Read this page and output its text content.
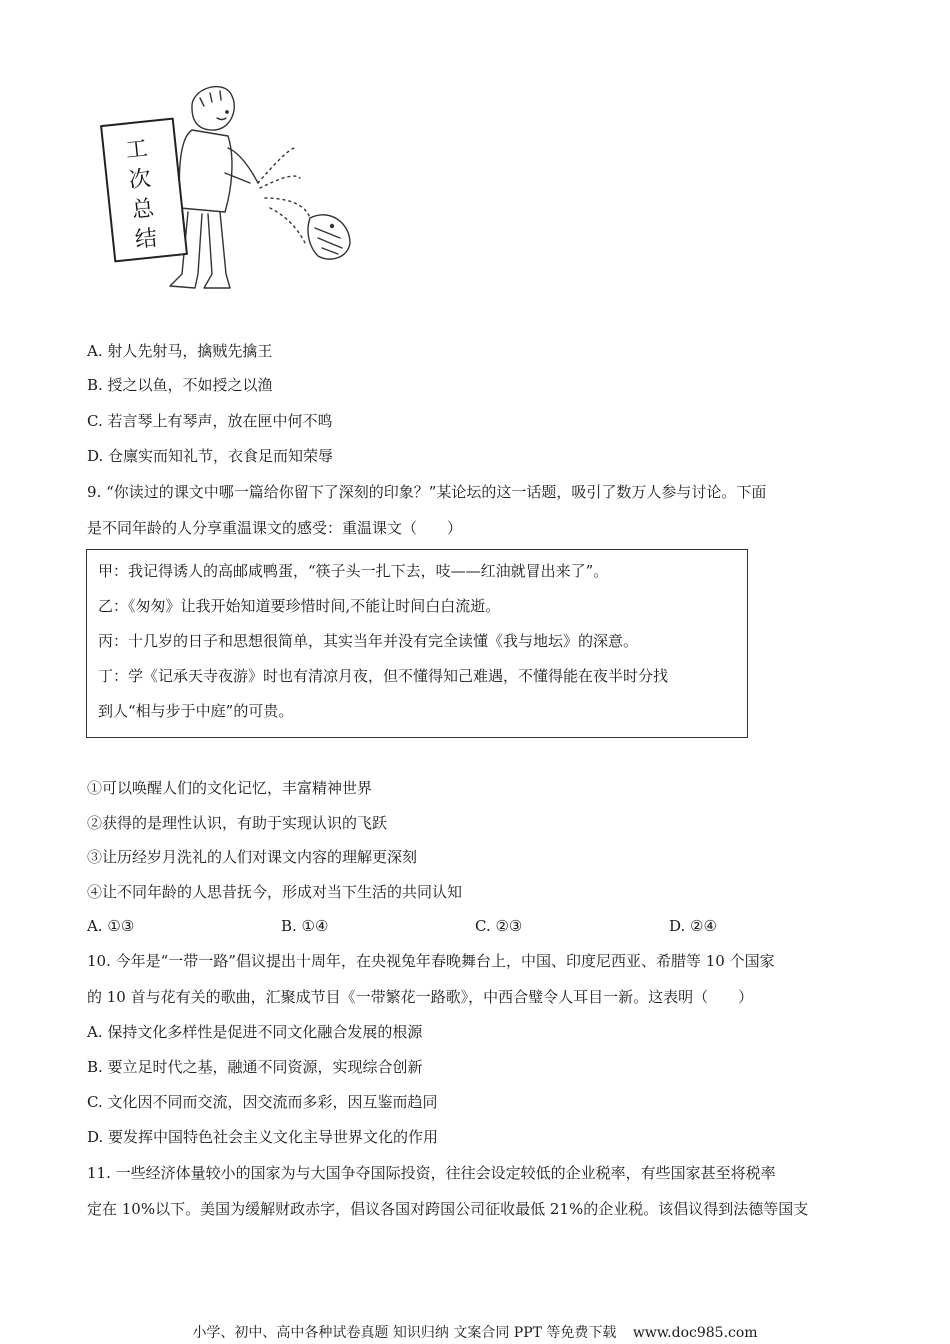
工
次
总
结
A. 射人先射马，擒贼先擒王
B. 授之以鱼，不如授之以渔
C. 若言琴上有琴声，放在匣中何不鸣
D. 仓廪实而知礼节，衣食足而知荣辱
9. “你读过的课文中哪一篇给你留下了深刻的印象？”某论坛的这一话题，吸引了数万人参与讨论。下面
是不同年龄的人分享重温课文的感受：重温课文（　　）
甲：我记得诱人的高邮咸鸭蛋，“筷子头一扎下去，吱——红油就冒出来了”。
乙：《匆匆》让我开始知道要珍惜时间,不能让时间白白流逝。
丙：十几岁的日子和思想很简单，其实当年并没有完全读懂《我与地坛》的深意。
丁：学《记承天寺夜游》时也有清凉月夜，但不懂得知己难遇，不懂得能在夜半时分找
到人“相与步于中庭”的可贵。
①可以唤醒人们的文化记忆，丰富精神世界
②获得的是理性认识，有助于实现认识的飞跃
③让历经岁月洗礼的人们对课文内容的理解更深刻
④让不同年龄的人思昔抚今，形成对当下生活的共同认知
A. ①③	B. ①④	C. ②③	D. ②④
10. 今年是“一带一路”倡议提出十周年，在央视兔年春晚舞台上，中国、印度尼西亚、希腊等 10 个国家
的 10 首与花有关的歌曲，汇聚成节目《一带繁花一路歌》，中西合璧令人耳目一新。这表明（　　）
A. 保持文化多样性是促进不同文化融合发展的根源
B. 要立足时代之基，融通不同资源，实现综合创新
C. 文化因不同而交流，因交流而多彩，因互鉴而趋同
D. 要发挥中国特色社会主义文化主导世界文化的作用
11. 一些经济体量较小的国家为与大国争夺国际投资，往往会设定较低的企业税率，有些国家甚至将税率
定在 10%以下。美国为缓解财政赤字，倡议各国对跨国公司征收最低 21%的企业税。该倡议得到法德等国支
小学、初中、高中各种试卷真题 知识归纳 文案合同 PPT 等免费下载 www.doc985.com
